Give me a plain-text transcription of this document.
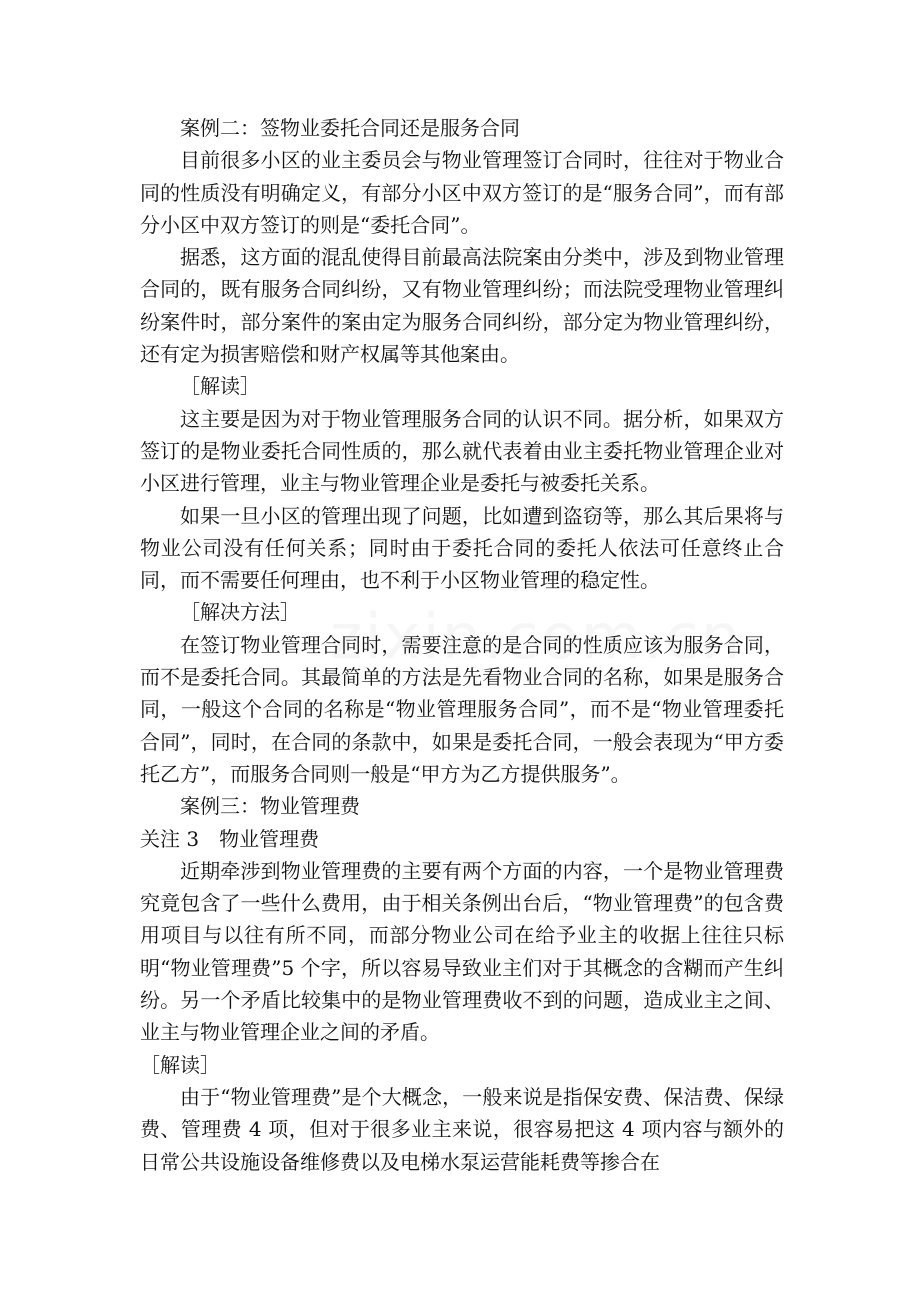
案例二：签物业委托合同还是服务合同

目前很多小区的业主委员会与物业管理签订合同时，往往对于物业合同的性质没有明确定义，有部分小区中双方签订的是“服务合同”，而有部分小区中双方签订的则是“委托合同”。

据悉，这方面的混乱使得目前最高法院案由分类中，涉及到物业管理合同的，既有服务合同纠纷，又有物业管理纠纷；而法院受理物业管理纠纷案件时，部分案件的案由定为服务合同纠纷，部分定为物业管理纠纷，还有定为损害赔偿和财产权属等其他案由。

［解读］

这主要是因为对于物业管理服务合同的认识不同。据分析，如果双方签订的是物业委托合同性质的，那么就代表着由业主委托物业管理企业对小区进行管理，业主与物业管理企业是委托与被委托关系。

如果一旦小区的管理出现了问题，比如遭到盗窃等，那么其后果将与物业公司没有任何关系；同时由于委托合同的委托人依法可任意终止合同，而不需要任何理由，也不利于小区物业管理的稳定性。

［解决方法］

在签订物业管理合同时，需要注意的是合同的性质应该为服务合同，而不是委托合同。其最简单的方法是先看物业合同的名称，如果是服务合同，一般这个合同的名称是“物业管理服务合同”，而不是“物业管理委托合同”，同时，在合同的条款中，如果是委托合同，一般会表现为“甲方委托乙方”，而服务合同则一般是“甲方为乙方提供服务”。

案例三：物业管理费

关注 3　物业管理费

近期牵涉到物业管理费的主要有两个方面的内容，一个是物业管理费究竟包含了一些什么费用，由于相关条例出台后，“物业管理费”的包含费用项目与以往有所不同，而部分物业公司在给予业主的收据上往往只标明“物业管理费”5 个字，所以容易导致业主们对于其概念的含糊而产生纠纷。另一个矛盾比较集中的是物业管理费收不到的问题，造成业主之间、业主与物业管理企业之间的矛盾。

［解读］

由于“物业管理费”是个大概念，一般来说是指保安费、保洁费、保绿费、管理费 4 项，但对于很多业主来说，很容易把这 4 项内容与额外的日常公共设施设备维修费以及电梯水泵运营能耗费等掺合在
